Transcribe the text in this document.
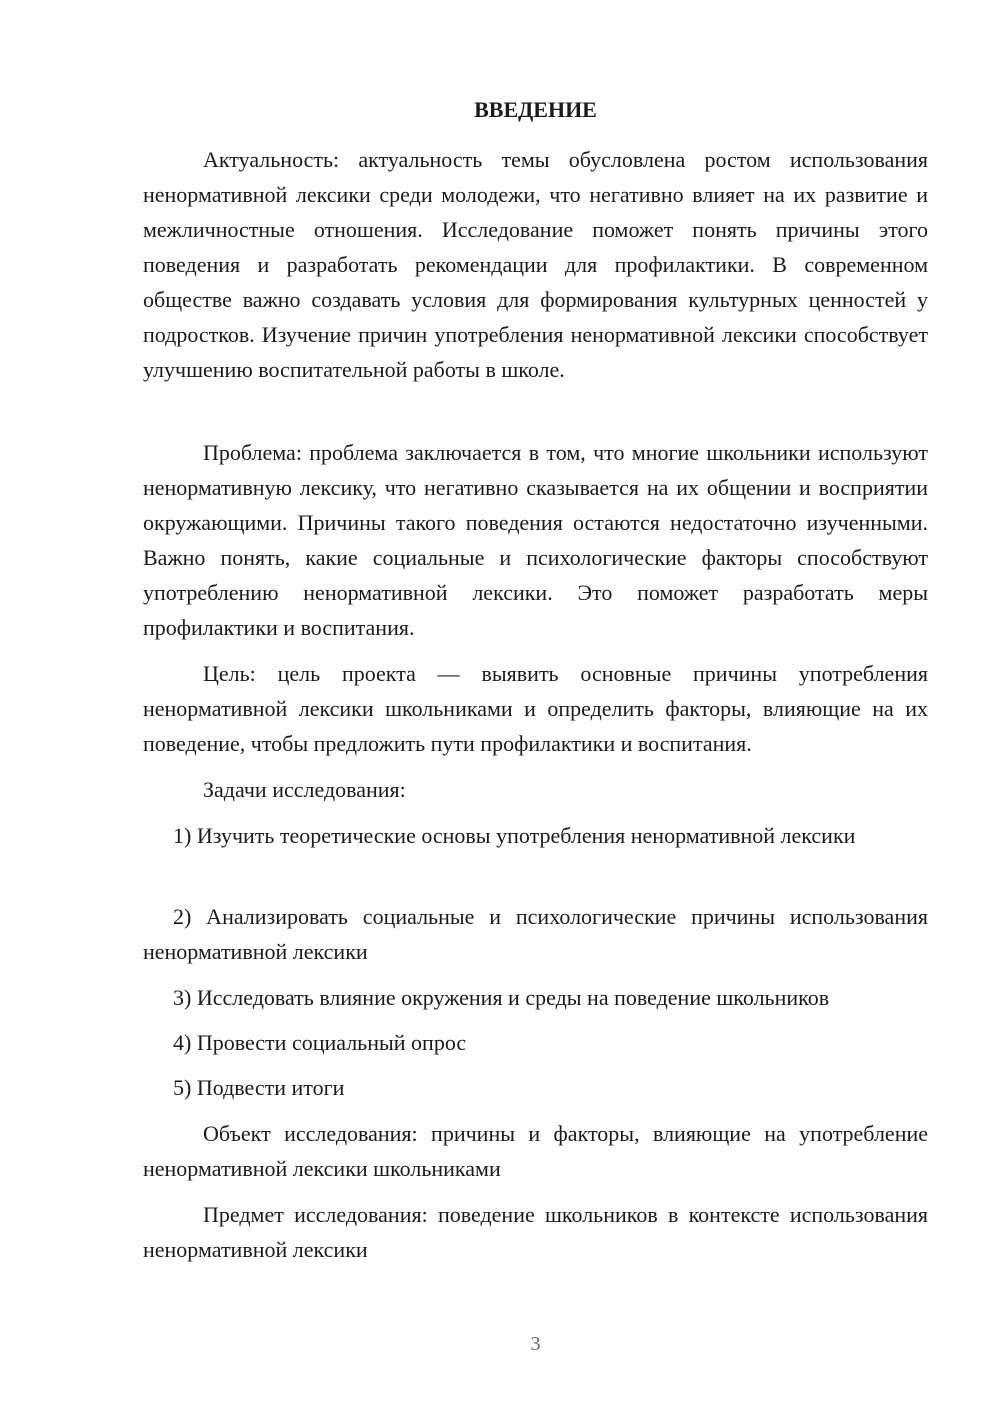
ВВЕДЕНИЕ

Актуальность: актуальность темы обусловлена ростом использования ненормативной лексики среди молодежи, что негативно влияет на их развитие и межличностные отношения. Исследование поможет понять причины этого поведения и разработать рекомендации для профилактики. В современном обществе важно создавать условия для формирования культурных ценностей у подростков. Изучение причин употребления ненормативной лексики способствует улучшению воспитательной работы в школе.

Проблема: проблема заключается в том, что многие школьники используют ненормативную лексику, что негативно сказывается на их общении и восприятии окружающими. Причины такого поведения остаются недостаточно изученными. Важно понять, какие социальные и психологические факторы способствуют употреблению ненормативной лексики. Это поможет разработать меры профилактики и воспитания.

Цель: цель проекта — выявить основные причины употребления ненормативной лексики школьниками и определить факторы, влияющие на их поведение, чтобы предложить пути профилактики и воспитания.

Задачи исследования:

1) Изучить теоретические основы употребления ненормативной лексики

2) Анализировать социальные и психологические причины использования ненормативной лексики

3) Исследовать влияние окружения и среды на поведение школьников

4) Провести социальный опрос

5) Подвести итоги

Объект исследования: причины и факторы, влияющие на употребление ненормативной лексики школьниками

Предмет исследования: поведение школьников в контексте использования ненормативной лексики

3
